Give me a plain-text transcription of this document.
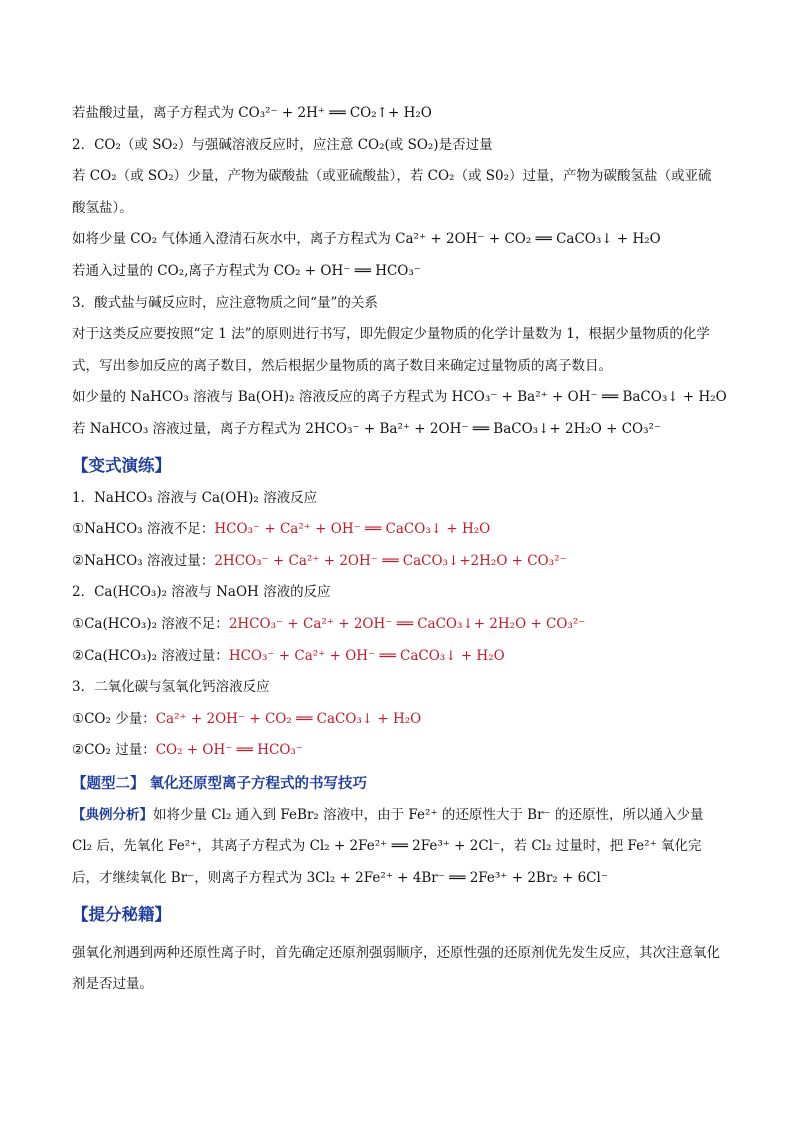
若盐酸过量，离子方程式为 CO₃²⁻ + 2H⁺ ══ CO₂↑+ H₂O
2．CO₂（或 SO₂）与强碱溶液反应时，应注意 CO₂(或 SO₂)是否过量
若 CO₂（或 SO₂）少量，产物为碳酸盐（或亚硫酸盐），若 CO₂（或 S0₂）过量，产物为碳酸氢盐（或亚硫酸氢盐）。
如将少量 CO₂ 气体通入澄清石灰水中，离子方程式为 Ca²⁺ + 2OH⁻ + CO₂ ══ CaCO₃↓ + H₂O
若通入过量的 CO₂,离子方程式为 CO₂ + OH⁻ ══ HCO₃⁻
3．酸式盐与碱反应时，应注意物质之间“量”的关系
对于这类反应要按照“定 1 法”的原则进行书写，即先假定少量物质的化学计量数为 1，根据少量物质的化学式，写出参加反应的离子数目，然后根据少量物质的离子数目来确定过量物质的离子数目。
如少量的 NaHCO₃ 溶液与 Ba(OH)₂ 溶液反应的离子方程式为 HCO₃⁻ + Ba²⁺ + OH⁻ ══ BaCO₃↓ + H₂O
若 NaHCO₃ 溶液过量，离子方程式为 2HCO₃⁻ + Ba²⁺ + 2OH⁻ ══ BaCO₃↓+ 2H₂O + CO₃²⁻
【变式演练】
1．NaHCO₃ 溶液与 Ca(OH)₂ 溶液反应
①NaHCO₃ 溶液不足：HCO₃⁻ + Ca²⁺ + OH⁻ ══ CaCO₃↓ + H₂O
②NaHCO₃ 溶液过量：2HCO₃⁻ + Ca²⁺ + 2OH⁻ ══ CaCO₃↓+2H₂O + CO₃²⁻
2．Ca(HCO₃)₂ 溶液与 NaOH 溶液的反应
①Ca(HCO₃)₂ 溶液不足：2HCO₃⁻ + Ca²⁺ + 2OH⁻ ══ CaCO₃↓+ 2H₂O + CO₃²⁻
②Ca(HCO₃)₂ 溶液过量：HCO₃⁻ + Ca²⁺ + OH⁻ ══ CaCO₃↓ + H₂O
3．二氧化碳与氢氧化钙溶液反应
①CO₂ 少量：Ca²⁺ + 2OH⁻ + CO₂ ══ CaCO₃↓ + H₂O
②CO₂ 过量：CO₂ + OH⁻ ══ HCO₃⁻
【题型二】 氧化还原型离子方程式的书写技巧
【典例分析】如将少量 Cl₂ 通入到 FeBr₂ 溶液中，由于 Fe²⁺ 的还原性大于 Br⁻ 的还原性，所以通入少量 Cl₂ 后，先氧化 Fe²⁺，其离子方程式为 Cl₂ + 2Fe²⁺ ══ 2Fe³⁺ + 2Cl⁻，若 Cl₂ 过量时，把 Fe²⁺ 氧化完后，才继续氧化 Br⁻，则离子方程式为 3Cl₂ + 2Fe²⁺ + 4Br⁻ ══ 2Fe³⁺ + 2Br₂ + 6Cl⁻
【提分秘籍】
强氧化剂遇到两种还原性离子时，首先确定还原剂强弱顺序，还原性强的还原剂优先发生反应，其次注意氧化剂是否过量。
